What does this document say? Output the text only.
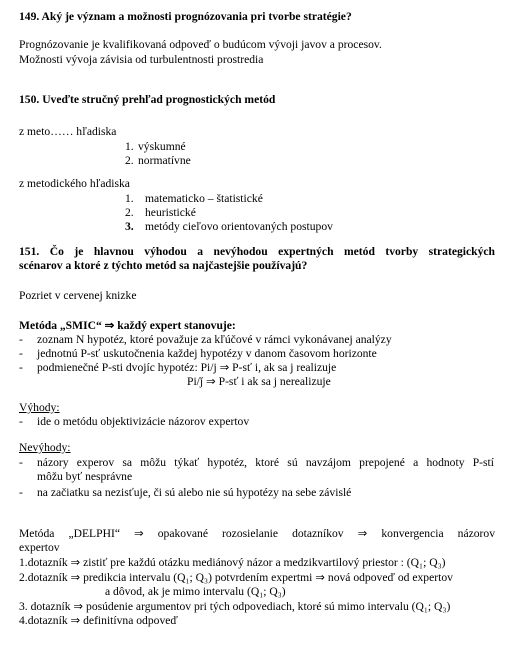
149. Aký je význam a možnosti prognózovania pri tvorbe stratégie?
Prognózovanie je kvalifikovaná odpoveď o budúcom vývoji javov a procesov.
Možnosti vývoja závisia od turbulentnosti prostredia
150. Uveďte stručný prehľad prognostických metód
z meto…… hľadiska
1. výskumné
2. normatívne
z metodického hľadiska
1. matematicko – štatistické
2. heuristické
3. metódy cieľovo orientovaných postupov
151. Čo je hlavnou výhodou a nevýhodou expertných metód tvorby strategických
scénarov a ktoré z týchto metód sa najčastejšie používajú?
Pozriet v cervenej knizke
Metóda „SMIC“ ⇒ každý expert stanovuje:
- zoznam N hypotéz, ktoré považuje za kľúčové v rámci vykonávanej analýzy
- jednotnú P-sť uskutočnenia každej hypotézy v danom časovom horizonte
- podmienečné P-sti dvojíc hypotéz: Pi/j ⇒ P-sť i, ak sa j realizuje
Pi/ǰ ⇒ P-sť i ak sa j nerealizuje
Výhody:
- ide o metódu objektivizácie názorov expertov
Nevýhody:
- názory experov sa môžu týkať hypotéz, ktoré sú navzájom prepojené a hodnoty P-stí
môžu byť nesprávne
- na začiatku sa nezisťuje, či sú alebo nie sú hypotézy na sebe závislé
Metóda „DELPHI“ ⇒ opakované rozosielanie dotazníkov ⇒ konvergencia názorov
expertov
1.dotazník ⇒ zistiť pre každú otázku mediánový názor a medzikvartilový priestor : (Q₁; Q₃)
2.dotazník ⇒ predikcia intervalu (Q₁; Q₃) potvrdením expertmi ⇒ nová odpoveď od expertov
a dôvod, ak je mimo intervalu (Q₁; Q₃)
3. dotazník ⇒ posúdenie argumentov pri tých odpovediach, ktoré sú mimo intervalu (Q₁; Q₃)
4.dotazník ⇒ definitívna odpoveď
